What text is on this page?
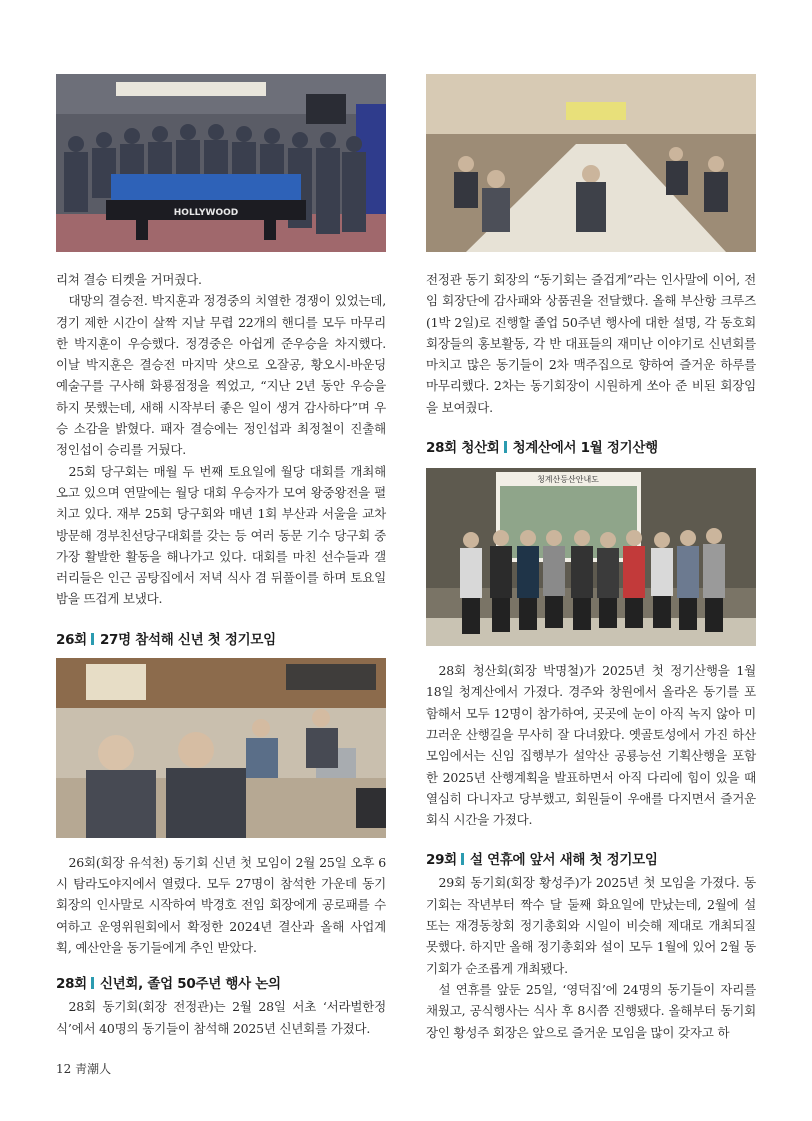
HOLLYWOOD

리쳐 결승 티켓을 거머줬다.

대망의 결승전. 박지훈과 정경중의 치열한 경쟁이 있었는데, 경기 제한 시간이 살짝 지날 무렵 22개의 핸디를 모두 마무리한 박지훈이 우승했다. 정경중은 아쉽게 준우승을 차지했다. 이날 박지훈은 결승전 마지막 샷으로 오잘공, 황오시-바운딩 예술구를 구사해 화룡점정을 찍었고, “지난 2년 동안 우승을 하지 못했는데, 새해 시작부터 좋은 일이 생겨 감사하다”며 우승 소감을 밝혔다. 패자 결승에는 정인섭과 최정철이 진출해 정인섭이 승리를 거뒀다.

25회 당구회는 매월 두 번째 토요일에 월당 대회를 개최해오고 있으며 연말에는 월당 대회 우승자가 모여 왕중왕전을 펼치고 있다. 재부 25회 당구회와 매년 1회 부산과 서울을 교차 방문해 경부친선당구대회를 갖는 등 여러 동문 기수 당구회 중 가장 활발한 활동을 해나가고 있다. 대회를 마친 선수들과 갤러리들은 인근 곰탕집에서 저녁 식사 겸 뒤풀이를 하며 토요일 밤을 뜨겁게 보냈다.

26회 27명 참석해 신년 첫 정기모임

26회(회장 유석천) 동기회 신년 첫 모임이 2월 25일 오후 6시 탐라도야지에서 열렸다. 모두 27명이 참석한 가운데 동기회장의 인사말로 시작하여 박경호 전임 회장에게 공로패를 수여하고 운영위원회에서 확정한 2024년 결산과 올해 사업계획, 예산안을 동기들에게 추인 받았다.

28회 신년회, 졸업 50주년 행사 논의

28회 동기회(회장 전정관)는 2월 28일 서초 ‘서라벌한정식’에서 40명의 동기들이 참석해 2025년 신년회를 가졌다.

전정관 동기 회장의 “동기회는 즐겁게”라는 인사말에 이어, 전임 회장단에 감사패와 상품권을 전달했다. 올해 부산항 크루즈(1박 2일)로 진행할 졸업 50주년 행사에 대한 설명, 각 동호회 회장들의 홍보활동, 각 반 대표들의 재미난 이야기로 신년회를 마치고 많은 동기들이 2차 맥주집으로 향하여 즐거운 하루를 마무리했다. 2차는 동기회장이 시원하게 쏘아 준 비된 회장임을 보여줬다.

28회 청산회 청계산에서 1월 정기산행

청계산등산안내도

28회 청산회(회장 박명철)가 2025년 첫 정기산행을 1월 18일 청계산에서 가졌다. 경주와 창원에서 올라온 동기를 포함해서 모두 12명이 참가하여, 곳곳에 눈이 아직 녹지 않아 미끄러운 산행길을 무사히 잘 다녀왔다. 옛골토성에서 가진 하산모임에서는 신임 집행부가 설악산 공룡능선 기획산행을 포함한 2025년 산행계획을 발표하면서 아직 다리에 힘이 있을 때 열심히 다니자고 당부했고, 회원들이 우애를 다지면서 즐거운 회식 시간을 가졌다.

29회 설 연휴에 앞서 새해 첫 정기모임

29회 동기회(회장 황성주)가 2025년 첫 모임을 가졌다. 동기회는 작년부터 짝수 달 둘째 화요일에 만났는데, 2월에 설 또는 재경동창회 정기총회와 시일이 비슷해 제대로 개최되질 못했다. 하지만 올해 정기총회와 설이 모두 1월에 있어 2월 동기회가 순조롭게 개최됐다.

설 연휴를 앞둔 25일, ‘영덕집’에 24명의 동기들이 자리를 채웠고, 공식행사는 식사 후 8시쯤 진행됐다. 올해부터 동기회장인 황성주 회장은 앞으로 즐거운 모임을 많이 갖자고 하

12 靑潮人
